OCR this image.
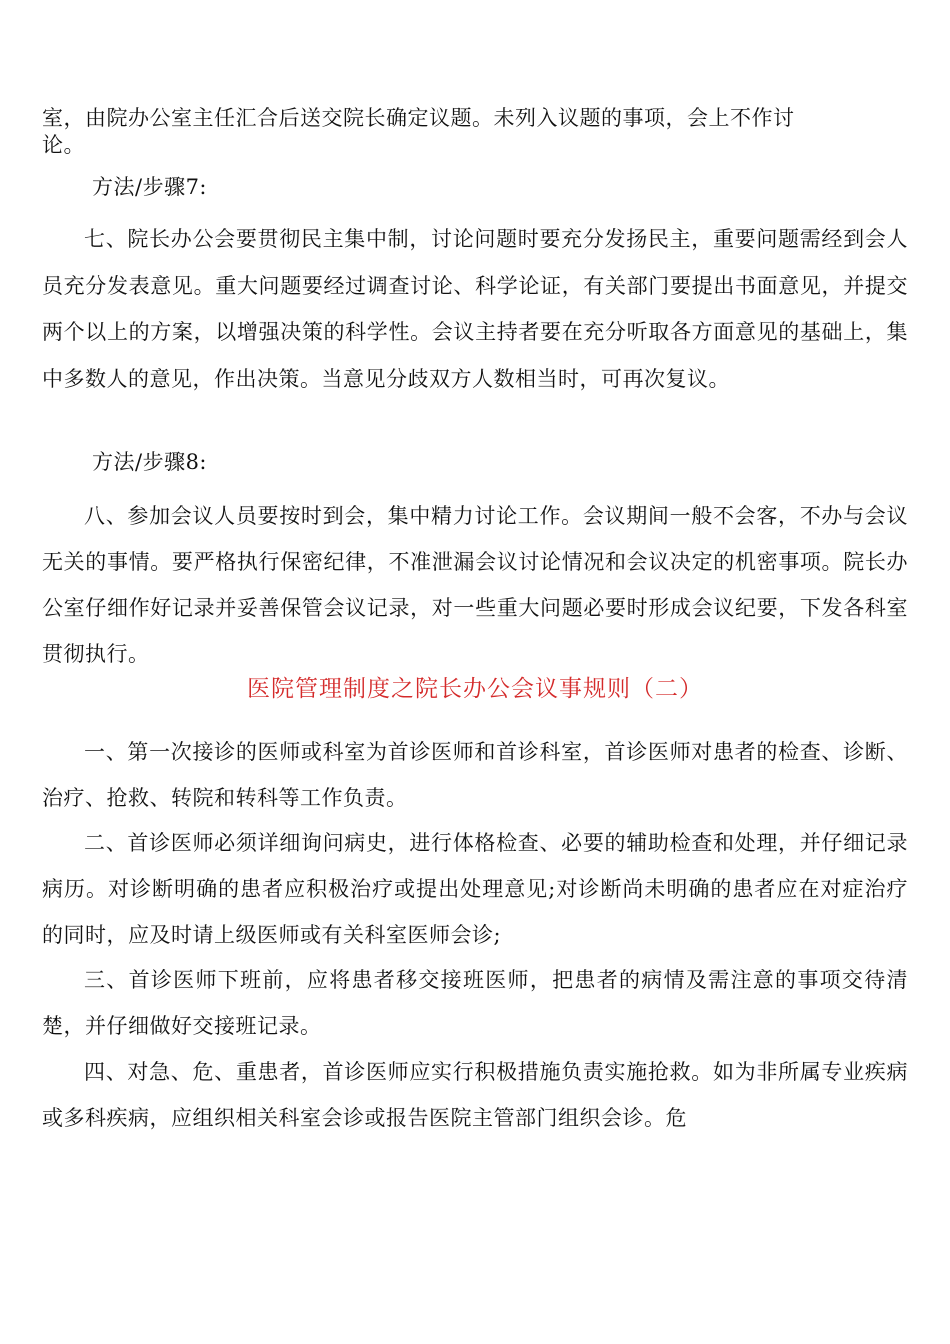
室，由院办公室主任汇合后送交院长确定议题。未列入议题的事项，会上不作讨

论。

方法/步骤7:

七、院长办公会要贯彻民主集中制，讨论问题时要充分发扬民主，重要问题需经到会人员充分发表意见。重大问题要经过调查讨论、科学论证，有关部门要提出书面意见，并提交两个以上的方案，以增强决策的科学性。会议主持者要在充分听取各方面意见的基础上，集中多数人的意见，作出决策。当意见分歧双方人数相当时，可再次复议。

方法/步骤8:

八、参加会议人员要按时到会，集中精力讨论工作。会议期间一般不会客，不办与会议无关的事情。要严格执行保密纪律，不准泄漏会议讨论情况和会议决定的机密事项。院长办公室仔细作好记录并妥善保管会议记录，对一些重大问题必要时形成会议纪要，下发各科室贯彻执行。

医院管理制度之院长办公会议事规则（二）

一、第一次接诊的医师或科室为首诊医师和首诊科室，首诊医师对患者的检查、诊断、治疗、抢救、转院和转科等工作负责。

二、首诊医师必须详细询问病史，进行体格检查、必要的辅助检查和处理，并仔细记录病历。对诊断明确的患者应积极治疗或提出处理意见;对诊断尚未明确的患者应在对症治疗的同时，应及时请上级医师或有关科室医师会诊;

三、首诊医师下班前，应将患者移交接班医师，把患者的病情及需注意的事项交待清楚，并仔细做好交接班记录。

四、对急、危、重患者，首诊医师应实行积极措施负责实施抢救。如为非所属专业疾病或多科疾病，应组织相关科室会诊或报告医院主管部门组织会诊。危
